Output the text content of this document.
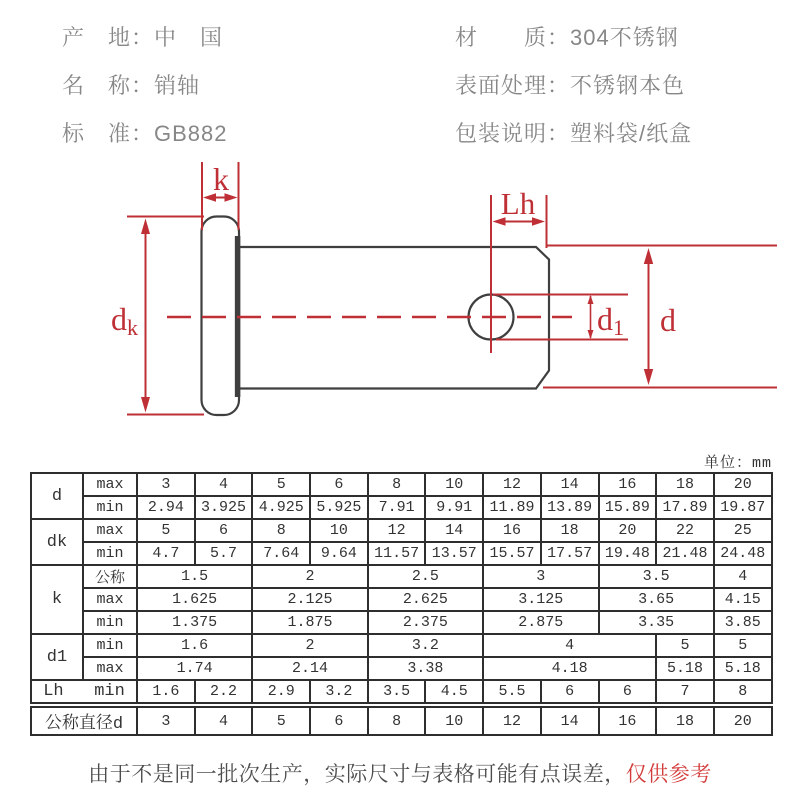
产　地：中　国
名　称：销轴
标　准：GB882
材　　质：304不锈钢
表面处理：不锈钢本色
包装说明：塑料袋/纸盒
k
dk
Lh
d1 d
单位：mm
d	max	3	4	5	6	8	10	12	14	16	18	20
	min	2.94	3.925	4.925	5.925	7.91	9.91	11.89	13.89	15.89	17.89	19.87
dk	max	5	6	8	10	12	14	16	18	20	22	25
	min	4.7	5.7	7.64	9.64	11.57	13.57	15.57	17.57	19.48	21.48	24.48
k	公称	1.5		2		2.5		3		3.5		4
	max	1.625		2.125		2.625		3.125		3.65		4.15
	min	1.375		1.875		2.375		2.875		3.35		3.85
d1	min	1.6		2		3.2		4			5	5
	max	1.74		2.14		3.38		4.18			5.18	5.18
Lh   min		1.6	2.2	2.9	3.2	3.5	4.5	5.5	6	6	7	8
公称直径d		3	4	5	6	8	10	12	14	16	18	20
由于不是同一批次生产，实际尺寸与表格可能有点误差，仅供参考
